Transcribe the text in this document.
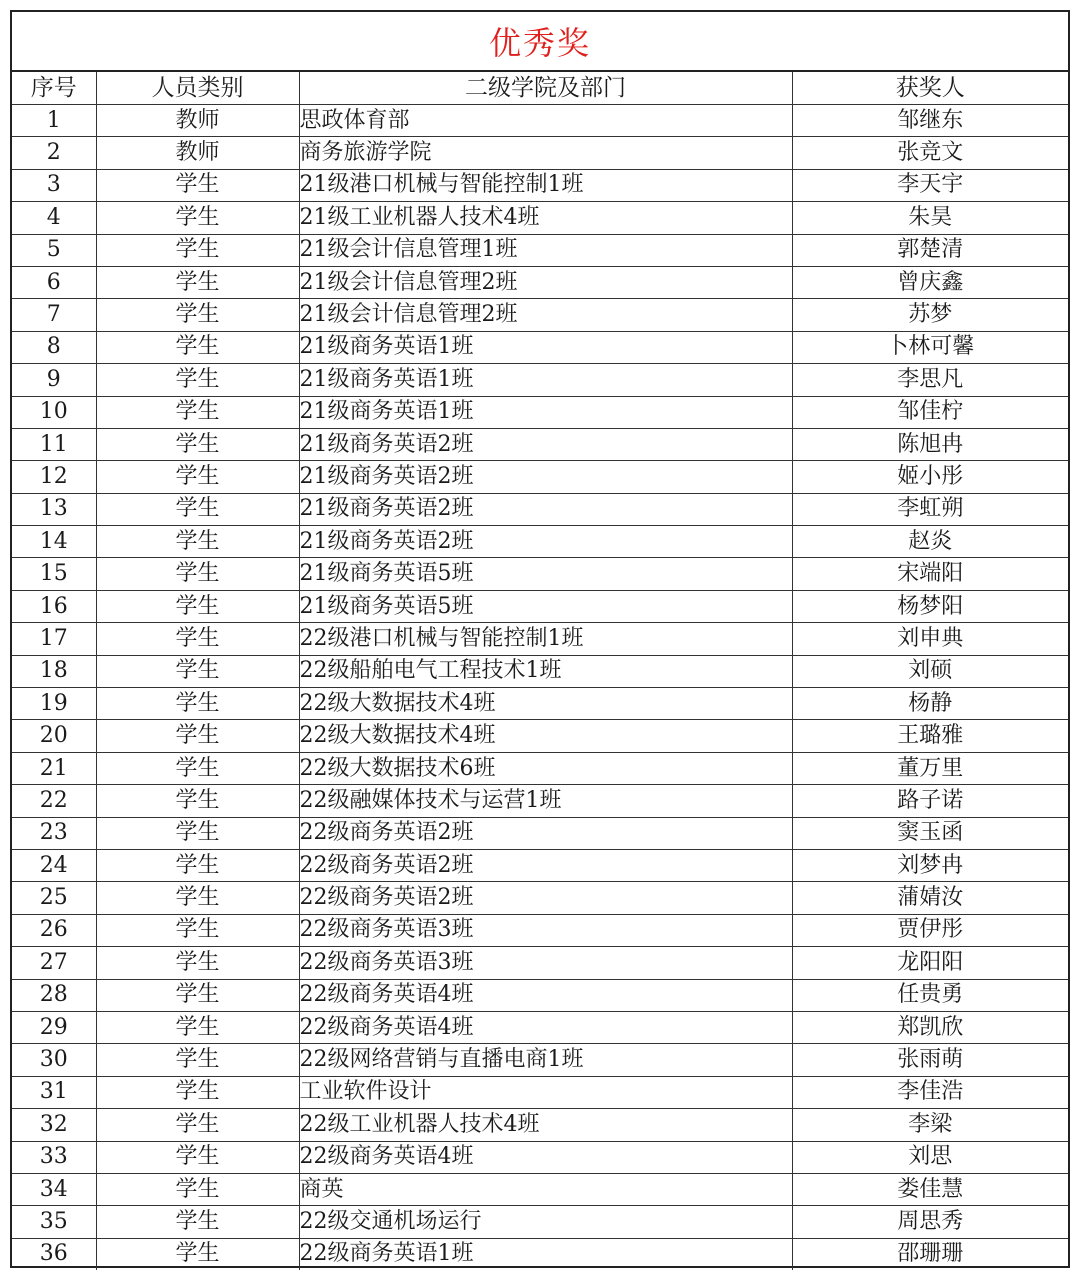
优秀奖
序号	人员类别	二级学院及部门	获奖人
1	教师	思政体育部	邹继东
2	教师	商务旅游学院	张竞文
3	学生	21级港口机械与智能控制1班	李天宇
4	学生	21级工业机器人技术4班	朱昊
5	学生	21级会计信息管理1班	郭楚清
6	学生	21级会计信息管理2班	曾庆鑫
7	学生	21级会计信息管理2班	苏梦
8	学生	21级商务英语1班	卜林可馨
9	学生	21级商务英语1班	李思凡
10	学生	21级商务英语1班	邹佳柠
11	学生	21级商务英语2班	陈旭冉
12	学生	21级商务英语2班	姬小彤
13	学生	21级商务英语2班	李虹朔
14	学生	21级商务英语2班	赵炎
15	学生	21级商务英语5班	宋端阳
16	学生	21级商务英语5班	杨梦阳
17	学生	22级港口机械与智能控制1班	刘申典
18	学生	22级船舶电气工程技术1班	刘硕
19	学生	22级大数据技术4班	杨静
20	学生	22级大数据技术4班	王璐雅
21	学生	22级大数据技术6班	董万里
22	学生	22级融媒体技术与运营1班	路子诺
23	学生	22级商务英语2班	窦玉函
24	学生	22级商务英语2班	刘梦冉
25	学生	22级商务英语2班	蒲婧汝
26	学生	22级商务英语3班	贾伊彤
27	学生	22级商务英语3班	龙阳阳
28	学生	22级商务英语4班	任贵勇
29	学生	22级商务英语4班	郑凯欣
30	学生	22级网络营销与直播电商1班	张雨萌
31	学生	工业软件设计	李佳浩
32	学生	22级工业机器人技术4班	李梁
33	学生	22级商务英语4班	刘思
34	学生	商英	娄佳慧
35	学生	22级交通机场运行	周思秀
36	学生	22级商务英语1班	邵珊珊
